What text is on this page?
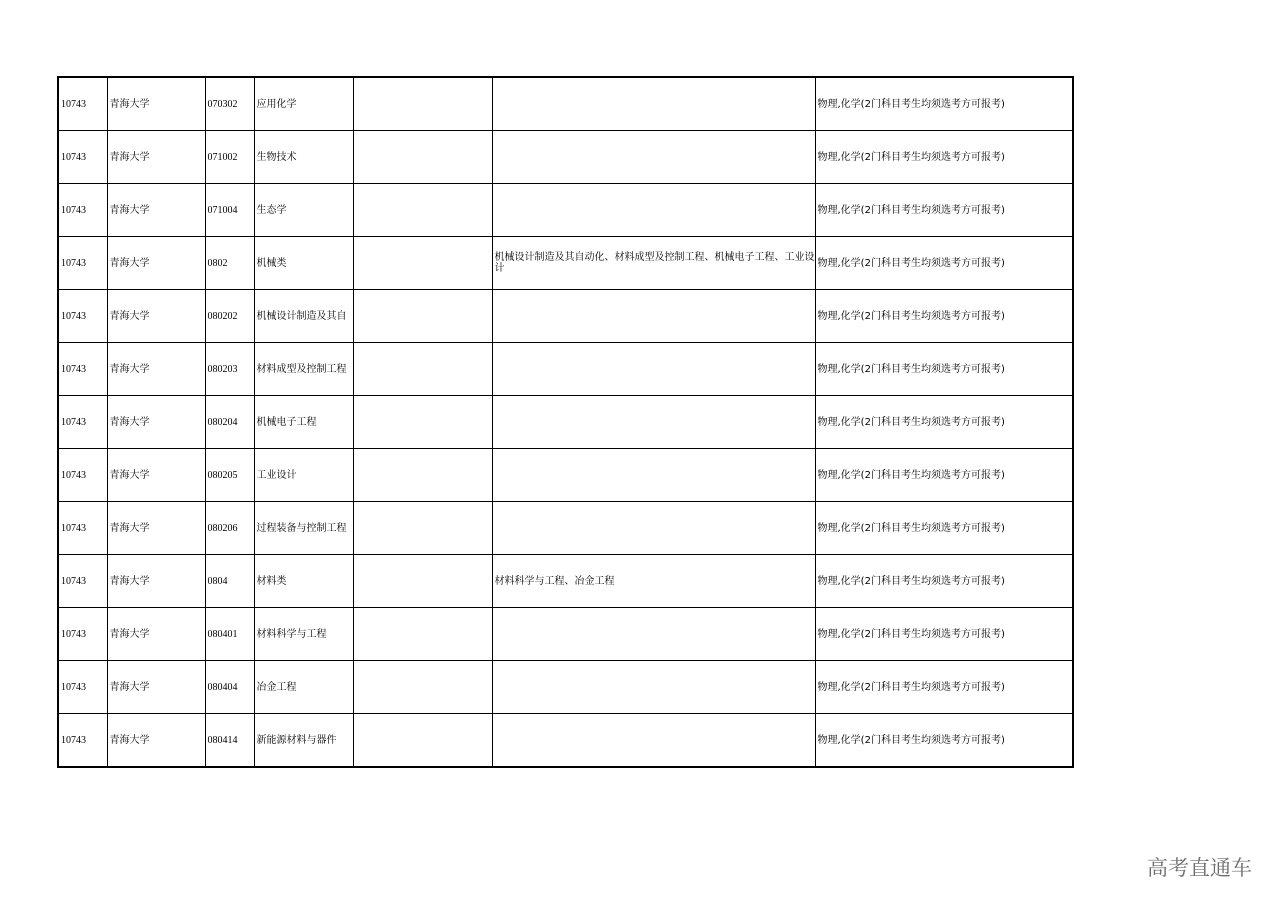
10743	青海大学	070302	应用化学			物理,化学(2门科目考生均须选考方可报考)
10743	青海大学	071002	生物技术			物理,化学(2门科目考生均须选考方可报考)
10743	青海大学	071004	生态学			物理,化学(2门科目考生均须选考方可报考)
10743	青海大学	0802	机械类		机械设计制造及其自动化、材料成型及控制工程、机械电子工程、工业设计	物理,化学(2门科目考生均须选考方可报考)
10743	青海大学	080202	机械设计制造及其自			物理,化学(2门科目考生均须选考方可报考)
10743	青海大学	080203	材料成型及控制工程			物理,化学(2门科目考生均须选考方可报考)
10743	青海大学	080204	机械电子工程			物理,化学(2门科目考生均须选考方可报考)
10743	青海大学	080205	工业设计			物理,化学(2门科目考生均须选考方可报考)
10743	青海大学	080206	过程装备与控制工程			物理,化学(2门科目考生均须选考方可报考)
10743	青海大学	0804	材料类		材料科学与工程、冶金工程	物理,化学(2门科目考生均须选考方可报考)
10743	青海大学	080401	材料科学与工程			物理,化学(2门科目考生均须选考方可报考)
10743	青海大学	080404	冶金工程			物理,化学(2门科目考生均须选考方可报考)
10743	青海大学	080414	新能源材料与器件			物理,化学(2门科目考生均须选考方可报考)
高考直通车
